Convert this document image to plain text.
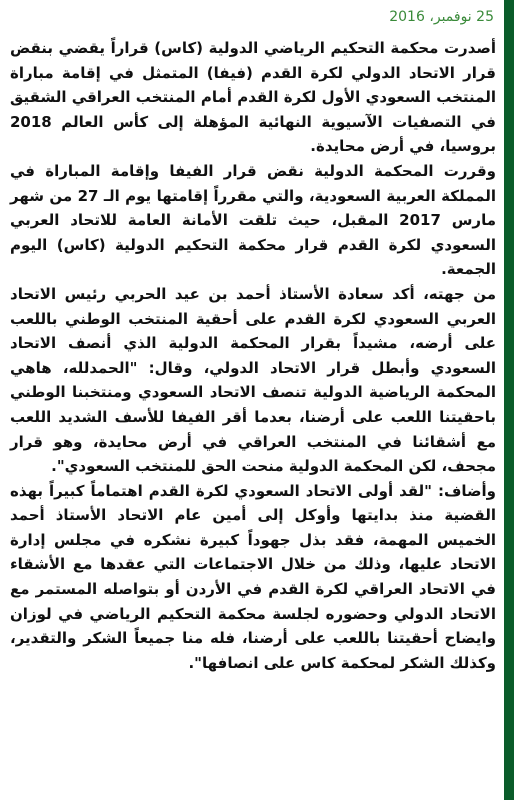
25 نوفمبر، 2016

أصدرت محكمة التحكيم الرياضي الدولية (كاس) قراراً يقضي بنقض قرار الاتحاد الدولي لكرة القدم (فيفا) المتمثل في إقامة مباراة المنتخب السعودي الأول لكرة القدم أمام المنتخب العراقي الشقيق في التصفيات الآسيوية النهائية المؤهلة إلى كأس العالم 2018 بروسيا، في أرض محايدة.

وقررت المحكمة الدولية نقض قرار الفيفا وإقامة المباراة في المملكة العربية السعودية، والتي مقرراً إقامتها يوم الـ 27 من شهر مارس 2017 المقبل، حيث تلقت الأمانة العامة للاتحاد العربي السعودي لكرة القدم قرار محكمة التحكيم الدولية (كاس) اليوم الجمعة.

من جهته، أكد سعادة الأستاذ أحمد بن عيد الحربي رئيس الاتحاد العربي السعودي لكرة القدم على أحقية المنتخب الوطني باللعب على أرضه، مشيداً بقرار المحكمة الدولية الذي أنصف الاتحاد السعودي وأبطل قرار الاتحاد الدولي، وقال: "الحمدلله، هاهي المحكمة الرياضية الدولية تنصف الاتحاد السعودي ومنتخبنا الوطني باحقيتنا اللعب على أرضنا، بعدما أقر الفيفا للأسف الشديد اللعب مع أشقائنا في المنتخب العراقي في أرض محايدة، وهو قرار مجحف، لكن المحكمة الدولية منحت الحق للمنتخب السعودي".

وأضاف: "لقد أولى الاتحاد السعودي لكرة القدم اهتماماً كبيراً بهذه القضية منذ بدايتها وأوكل إلى أمين عام الاتحاد الأستاذ أحمد الخميس المهمة، فقد بذل جهوداً كبيرة نشكره في مجلس إدارة الاتحاد عليها، وذلك من خلال الاجتماعات التي عقدها مع الأشقاء في الاتحاد العراقي لكرة القدم في الأردن أو بتواصله المستمر مع الاتحاد الدولي وحضوره لجلسة محكمة التحكيم الرياضي في لوزان وايضاح أحقيتنا باللعب على أرضنا، فله منا جميعاً الشكر والتقدير، وكذلك الشكر لمحكمة كاس على انصافها".
